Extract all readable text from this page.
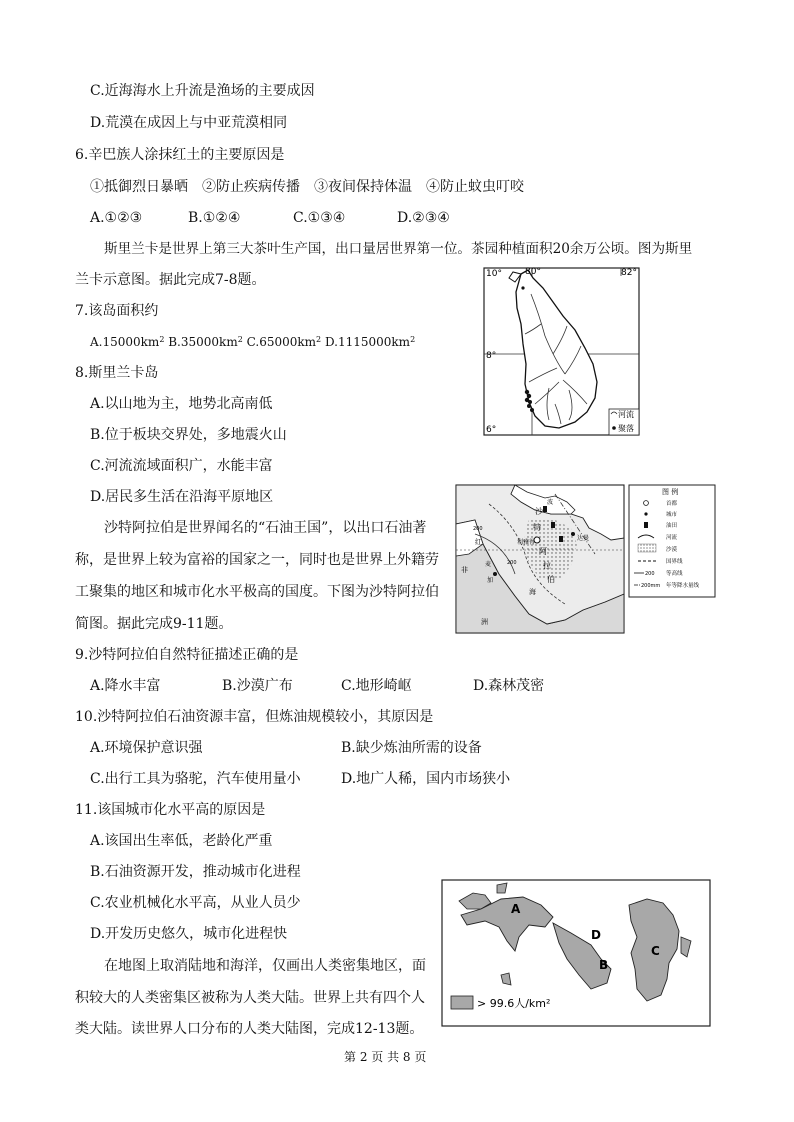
C.近海海水上升流是渔场的主要成因
D.荒漠在成因上与中亚荒漠相同
6.辛巴族人涂抹红土的主要原因是
①抵御烈日暴晒　②防止疾病传播　③夜间保持体温　④防止蚊虫叮咬
A.①②③	B.①②④	C.①③④	D.②③④
斯里兰卡是世界上第三大茶叶生产国，出口量居世界第一位。茶园种植面积20余万公顷。图为斯里
兰卡示意图。据此完成7-8题。
7.该岛面积约
$A.15000km^2$ $B.35000km^2$ $C.65000km^2$ $D.1115000km^2$
8.斯里兰卡岛
A.以山地为主，地势北高南低
B.位于板块交界处，多地震火山
C.河流流域面积广，水能丰富
D.居民多生活在沿海平原地区
沙特阿拉伯是世界闻名的“石油王国”，以出口石油著
称，是世界上较为富裕的国家之一，同时也是世界上外籍劳
工聚集的地区和城市化水平极高的国度。下图为沙特阿拉伯
简图。据此完成9-11题。
9.沙特阿拉伯自然特征描述正确的是
A.降水丰富	B.沙漠广布	C.地形崎岖	D.森林茂密
10.沙特阿拉伯石油资源丰富，但炼油规模较小，其原因是
A.环境保护意识强	B.缺少炼油所需的设备
C.出行工具为骆驼，汽车使用量小	D.地广人稀，国内市场狭小
11.该国城市化水平高的原因是
A.该国出生率低，老龄化严重
B.石油资源开发，推动城市化进程
C.农业机械化水平高，从业人员少
D.开发历史悠久，城市化进程快
在地图上取消陆地和海洋，仅画出人类密集地区，面
积较大的人类密集区被称为人类大陆。世界上共有四个人
类大陆。读世界人口分布的人类大陆图，完成12-13题。
第 2 页 共 8 页
10°	80°	82°
8°
6°
河流
聚落
非
洲
红
海
沙
特
阿
拉
伯
利雅得
达曼
麦
加
波
200
200
图 例
首都
城市
油田
河流
沙漠
国界线
200 等高线
200mm 年等降水量线
A
B
C
D
> 99.6人/km²
